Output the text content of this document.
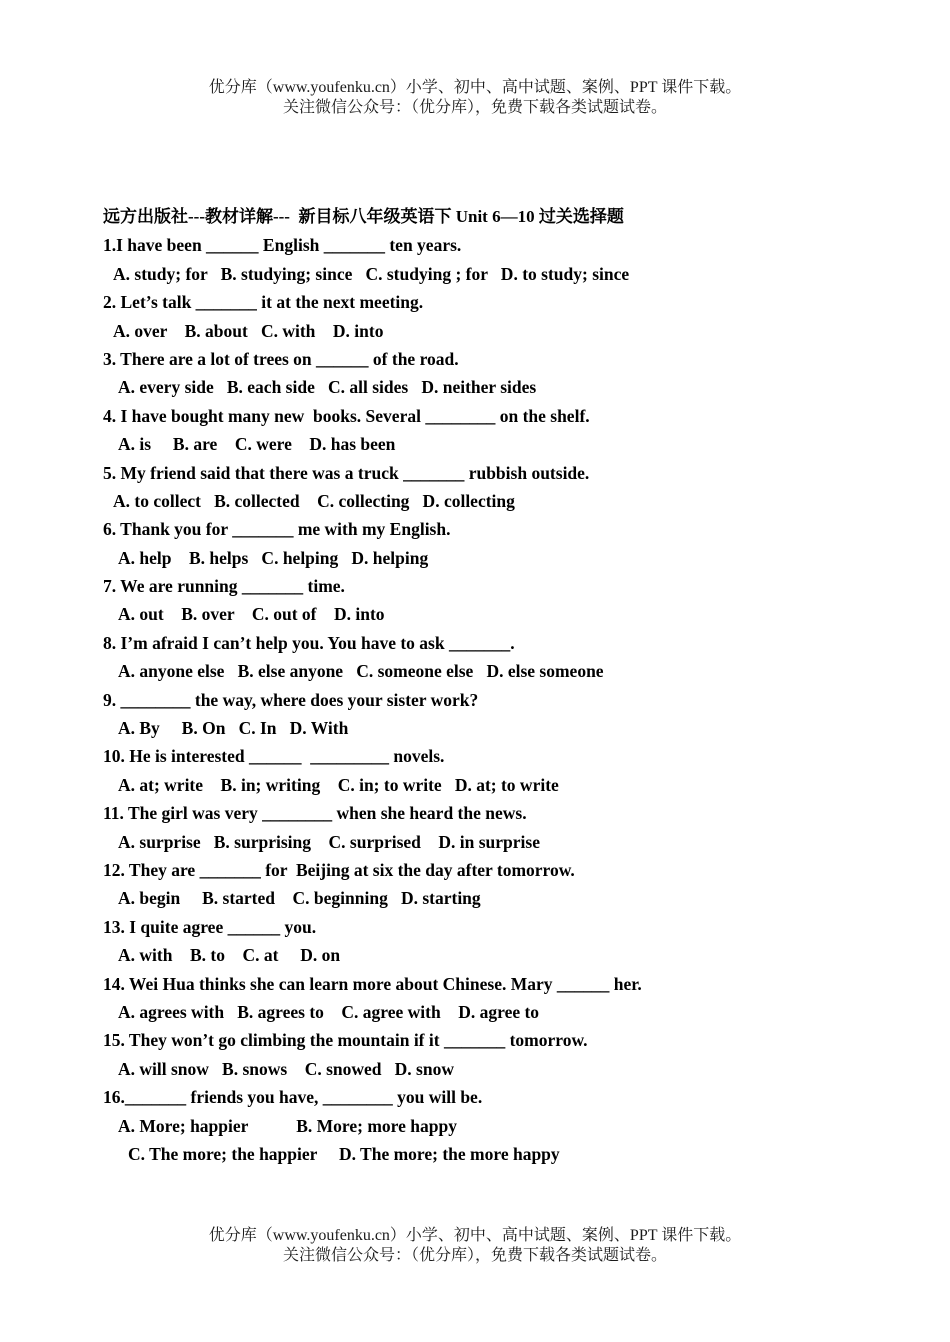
优分库（www.youfenku.cn）小学、初中、高中试题、案例、PPT 课件下载。
关注微信公众号：（优分库），免费下载各类试题试卷。
远方出版社---教材详解---  新目标八年级英语下 Unit 6—10 过关选择题
1.I have been ______ English _______ ten years.
A. study; for   B. studying; since   C. studying ; for   D. to study; since
2. Let’s talk _______ it at the next meeting.
A. over    B. about   C. with    D. into
3. There are a lot of trees on ______ of the road.
A. every side   B. each side   C. all sides   D. neither sides
4. I have bought many new  books. Several ________ on the shelf.
A. is     B. are    C. were    D. has been
5. My friend said that there was a truck _______ rubbish outside.
A. to collect   B. collected    C. collecting   D. collecting
6. Thank you for _______ me with my English.
A. help    B. helps   C. helping   D. helping
7. We are running _______ time.
A. out    B. over    C. out of    D. into
8. I’m afraid I can’t help you. You have to ask _______.
A. anyone else   B. else anyone   C. someone else   D. else someone
9. ________ the way, where does your sister work?
A. By     B. On   C. In   D. With
10. He is interested ______  _________ novels.
A. at; write    B. in; writing    C. in; to write   D. at; to write
11. The girl was very ________ when she heard the news.
A. surprise   B. surprising    C. surprised    D. in surprise
12. They are _______ for  Beijing at six the day after tomorrow.
A. begin     B. started    C. beginning   D. starting
13. I quite agree ______ you.
A. with    B. to    C. at     D. on
14. Wei Hua thinks she can learn more about Chinese. Mary ______ her.
A. agrees with   B. agrees to    C. agree with    D. agree to
15. They won’t go climbing the mountain if it _______ tomorrow.
A. will snow   B. snows    C. snowed   D. snow
16._______ friends you have, ________ you will be.
A. More; happier           B. More; more happy
C. The more; the happier     D. The more; the more happy
优分库（www.youfenku.cn）小学、初中、高中试题、案例、PPT 课件下载。
关注微信公众号：（优分库），免费下载各类试题试卷。
